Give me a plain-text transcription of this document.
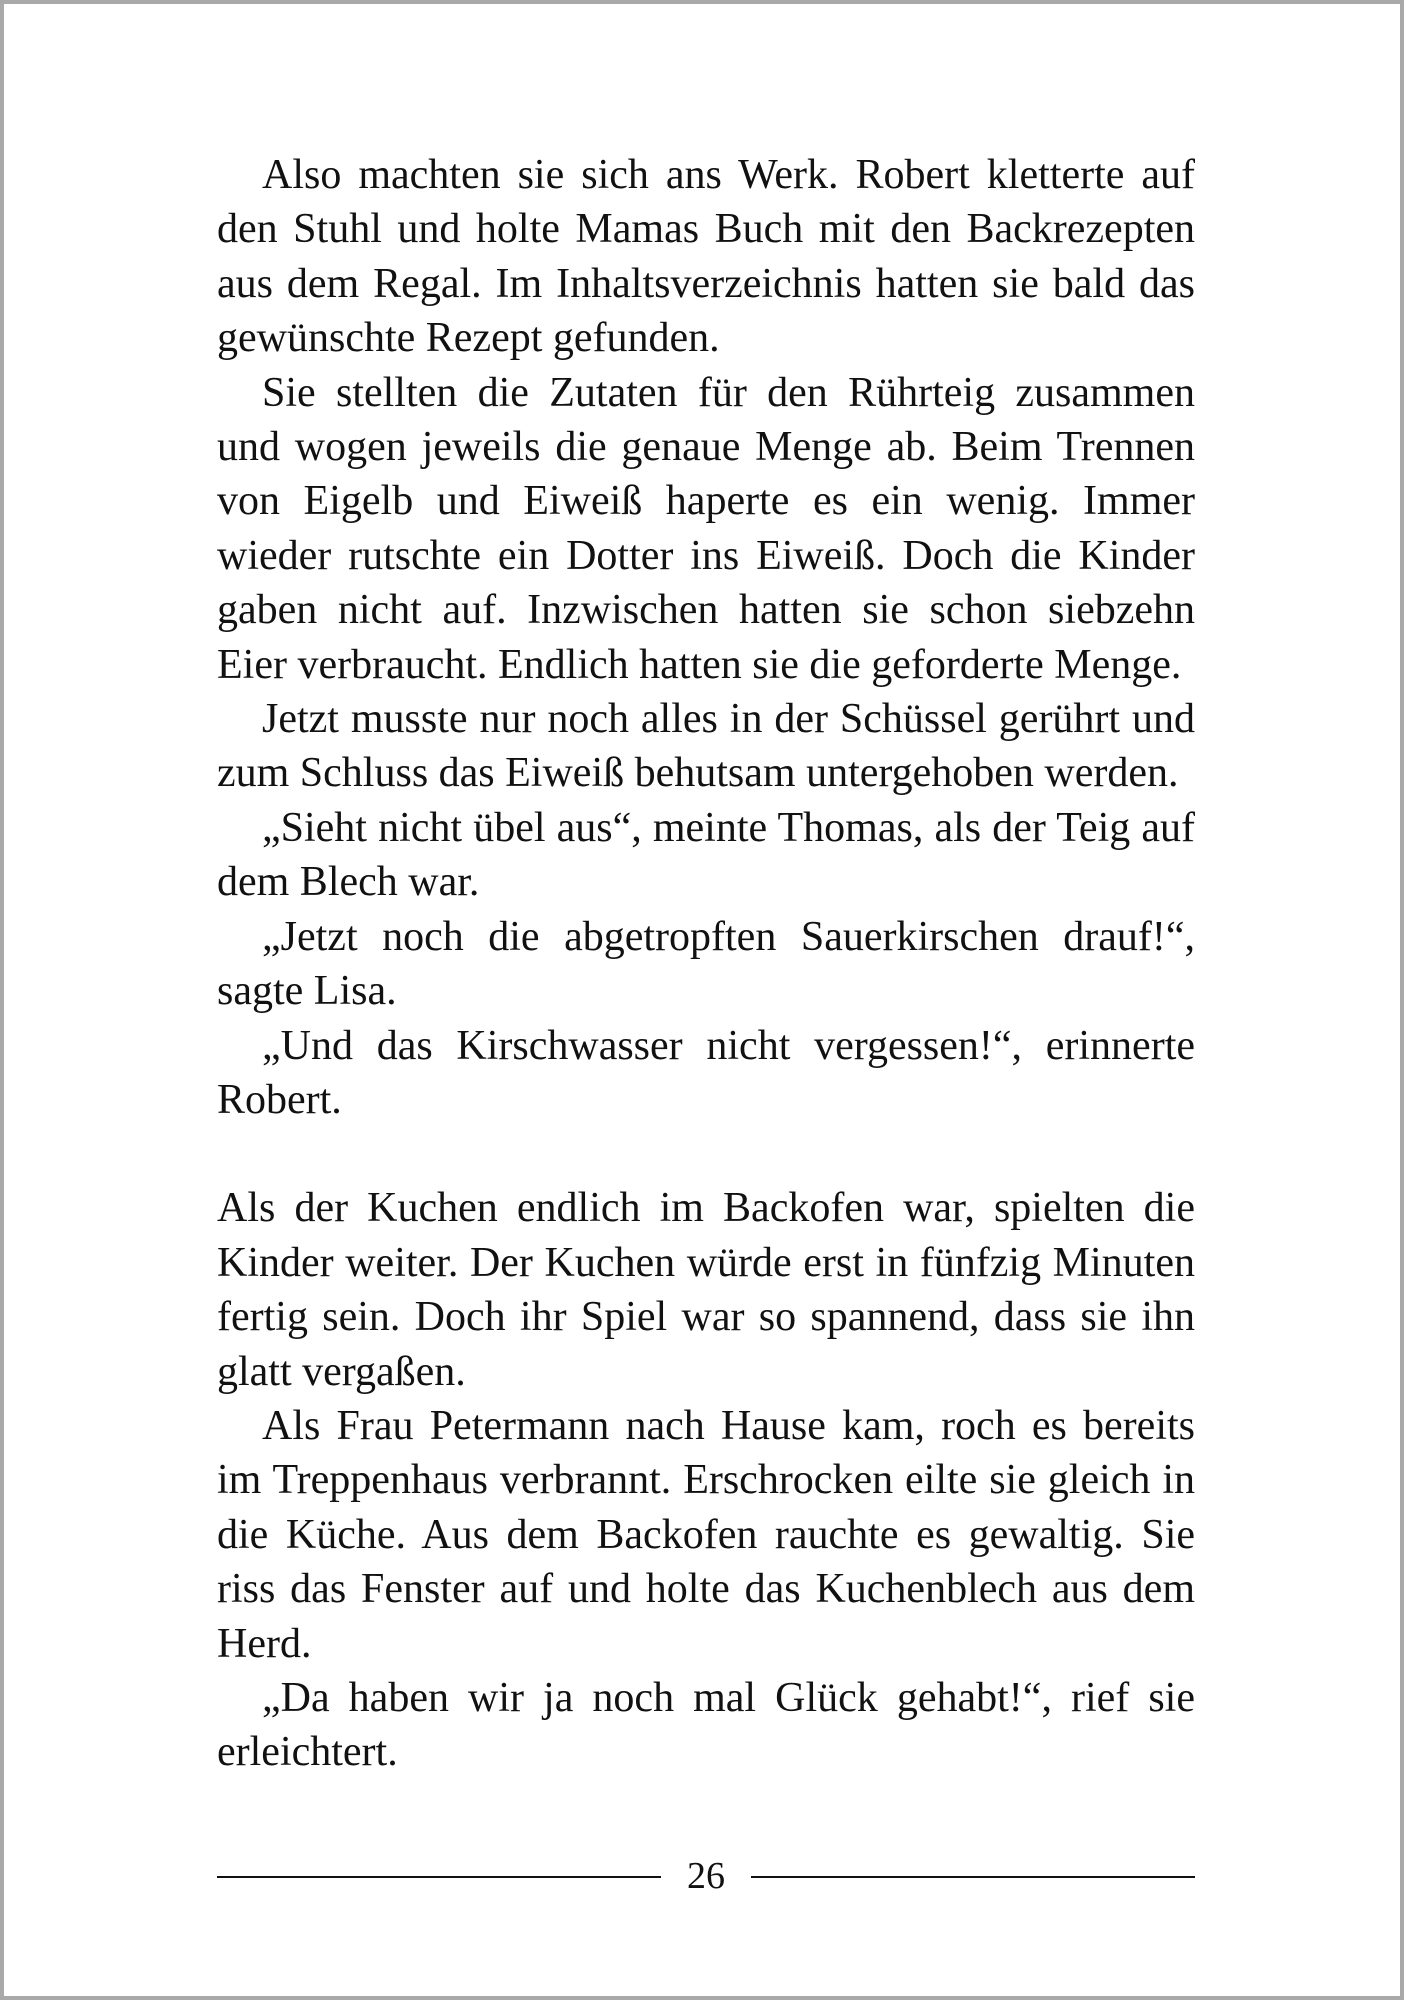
Also machten sie sich ans Werk. Robert kletterte auf den Stuhl und holte Mamas Buch mit den Backrezepten aus dem Regal. Im Inhaltsverzeichnis hatten sie bald das gewünschte Rezept gefunden.

Sie stellten die Zutaten für den Rührteig zusammen und wogen jeweils die genaue Menge ab. Beim Trennen von Eigelb und Eiweiß haperte es ein wenig. Immer wieder rutschte ein Dotter ins Eiweiß. Doch die Kinder gaben nicht auf. Inzwischen hatten sie schon siebzehn Eier verbraucht. Endlich hatten sie die geforderte Menge.

Jetzt musste nur noch alles in der Schüssel gerührt und zum Schluss das Eiweiß behutsam untergehoben werden.

„Sieht nicht übel aus“, meinte Thomas, als der Teig auf dem Blech war.

„Jetzt noch die abgetropften Sauerkirschen drauf!“, sagte Lisa.

„Und das Kirschwasser nicht vergessen!“, erinnerte Robert.

Als der Kuchen endlich im Backofen war, spielten die Kinder weiter. Der Kuchen würde erst in fünfzig Minuten fertig sein. Doch ihr Spiel war so spannend, dass sie ihn glatt vergaßen.

Als Frau Petermann nach Hause kam, roch es bereits im Treppenhaus verbrannt. Erschrocken eilte sie gleich in die Küche. Aus dem Backofen rauchte es gewaltig. Sie riss das Fenster auf und holte das Kuchenblech aus dem Herd.

„Da haben wir ja noch mal Glück gehabt!“, rief sie erleichtert.

26
